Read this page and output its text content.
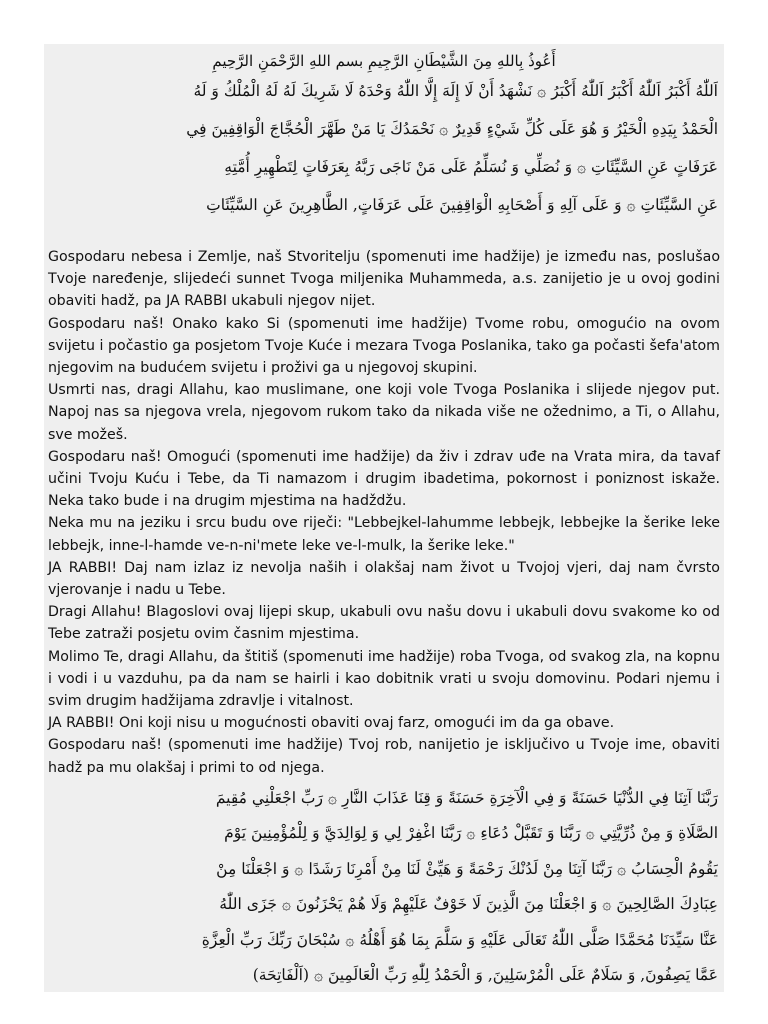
أَعُوذُ بِاللهِ مِنَ الشَّيْطَانِ الرَّجِيمِ بسم اللهِ الرَّحْمَنِ الرَّحِيمِ

اَللّٰهُ أَكْبَرُ اَللّٰهُ أَكْبَرُ اَللّٰهُ أَكْبَرُ ۞ نَشْهَدُ أَنْ لَا إِلَهَ إِلَّا اللّٰهُ وَحْدَهُ لَا شَرِيكَ لَهُ لَهُ الْمُلْكُ وَ لَهُ

الْحَمْدُ بِيَدِهِ الْخَيْرُ وَ هُوَ عَلَى كُلِّ شَيْءٍ قَدِيرٌ ۞ نَحْمَدُكَ يَا مَنْ طَهَّرَ الْحُجَّاجَ الْوَاقِفِينَ فِي

عَرَفَاتٍ عَنِ السَّيِّئَاتِ ۞ وَ نُصَلِّي وَ نُسَلِّمُ عَلَى مَنْ نَاجَى رَبَّهُ بِعَرَفَاتٍ لِتَطْهِيرِ أُمَّتِهِ

عَنِ السَّيِّئَاتِ ۞ وَ عَلَى آلِهِ وَ أَصْحَابِهِ الْوَاقِفِينَ عَلَى عَرَفَاتٍ, الطَّاهِرِينَ عَنِ السَّيِّئَاتِ

Gospodaru nebesa i Zemlje, naš Stvoritelju (spomenuti ime hadžije) je između nas, poslušao Tvoje naređenje, slijedeći sunnet Tvoga miljenika Muhammeda, a.s. zanijetio je u ovoj godini obaviti hadž, pa JA RABBI ukabuli njegov nijet.

Gospodaru naš! Onako kako Si (spomenuti ime hadžije) Tvome robu, omogućio na ovom svijetu i počastio ga posjetom Tvoje Kuće i mezara Tvoga Poslanika, tako ga počasti šefa'atom njegovim na budućem svijetu i proživi ga u njegovoj skupini.

Usmrti nas, dragi Allahu, kao muslimane, one koji vole Tvoga Poslanika i slijede njegov put. Napoj nas sa njegova vrela, njegovom rukom tako da nikada više ne ožednimo, a Ti, o Allahu, sve možeš.

Gospodaru naš! Omogući (spomenuti ime hadžije) da živ i zdrav uđe na Vrata mira, da tavaf učini Tvoju Kuću i Tebe, da Ti namazom i drugim ibadetima, pokornost i poniznost iskaže. Neka tako bude i na drugim mjestima na hadždžu.

Neka mu na jeziku i srcu budu ove riječi: "Lebbejkel-lahumme lebbejk, lebbejke la šerike leke lebbejk, inne-l-hamde ve-n-ni'mete leke ve-l-mulk, la šerike leke."

JA RABBI! Daj nam izlaz iz nevolja naših i olakšaj nam život u Tvojoj vjeri, daj nam čvrsto vjerovanje i nadu u Tebe.

Dragi Allahu! Blagoslovi ovaj lijepi skup, ukabuli ovu našu dovu i ukabuli dovu svakome ko od Tebe zatraži posjetu ovim časnim mjestima.

Molimo Te, dragi Allahu, da štitiš (spomenuti ime hadžije) roba Tvoga, od svakog zla, na kopnu i vodi i u vazduhu, pa da nam se hairli i kao dobitnik vrati u svoju domovinu. Podari njemu i svim drugim hadžijama zdravlje i vitalnost.

JA RABBI! Oni koji nisu u mogućnosti obaviti ovaj farz, omogući im da ga obave.

Gospodaru naš! (spomenuti ime hadžije) Tvoj rob, nanijetio je isključivo u Tvoje ime, obaviti hadž pa mu olakšaj i primi to od njega.

رَبَّنَا آتِنَا فِي الدُّنْيَا حَسَنَةً وَ فِي الْآخِرَةِ حَسَنَةً وَ قِنَا عَذَابَ النَّارِ ۞ رَبِّ اجْعَلْنِي مُقِيمَ

الصَّلَاةِ وَ مِنْ ذُرِّيَّتِي ۞ رَبَّنَا وَ تَقَبَّلْ دُعَاءِ ۞ رَبَّنَا اغْفِرْ لِي وَ لِوَالِدَيَّ وَ لِلْمُؤْمِنِينَ يَوْمَ

يَقُومُ الْحِسَابُ ۞ رَبَّنَا آتِنَا مِنْ لَدُنْكَ رَحْمَةً وَ هَيِّئْ لَنَا مِنْ أَمْرِنَا رَشَدًا ۞ وَ اجْعَلْنَا مِنْ

عِبَادِكَ الصَّالِحِينَ ۞ وَ اجْعَلْنَا مِنَ الَّذِينَ لَا خَوْفٌ عَلَيْهِمْ وَلَا هُمْ يَحْزَنُونَ ۞ جَزَى اللّٰهُ

عَنَّا سَيِّدَنَا مُحَمَّدًا صَلَّى اللّٰهُ تَعَالَى عَلَيْهِ وَ سَلَّمَ بِمَا هُوَ أَهْلُهُ ۞ سُبْحَانَ رَبِّكَ رَبِّ الْعِزَّةِ

عَمَّا يَصِفُونَ, وَ سَلَامٌ عَلَى الْمُرْسَلِينَ, وَ الْحَمْدُ لِلّٰهِ رَبِّ الْعَالَمِينَ ۞ (اَلْفَاتِحَة)
